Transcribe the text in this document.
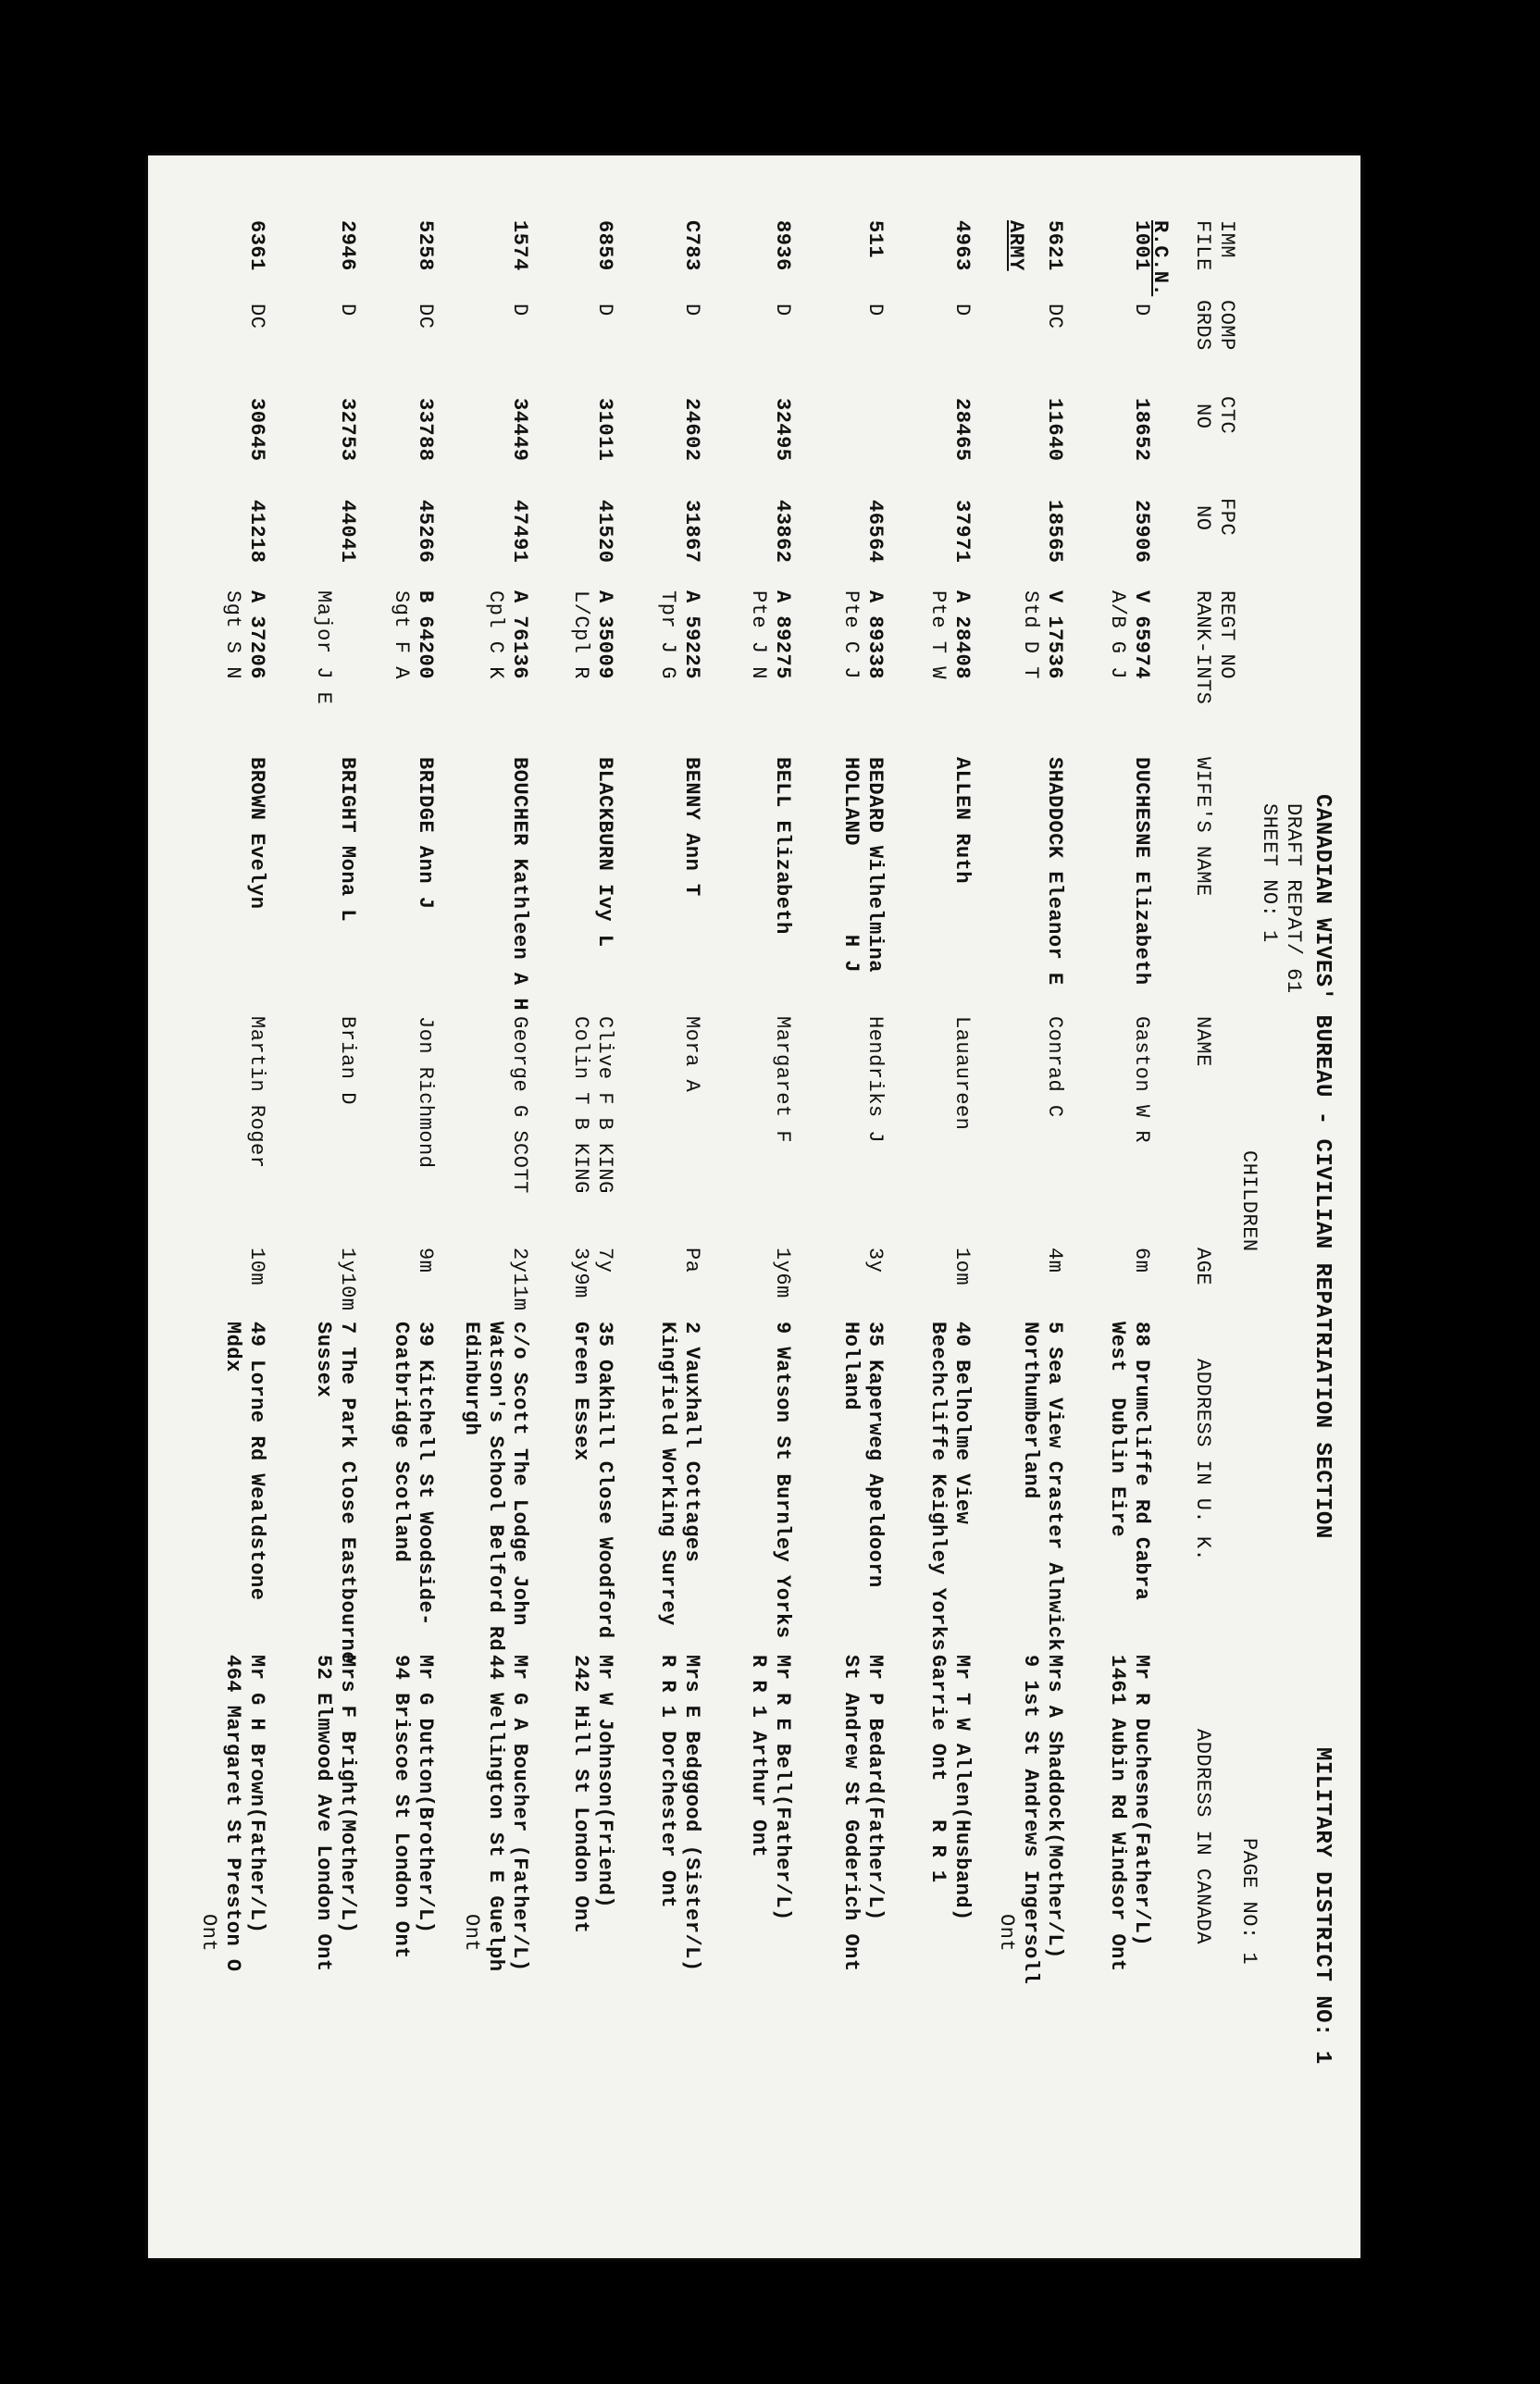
CANADIAN WIVES' BUREAU - CIVILIAN REPATRIATION SECTION
MILITARY DISTRICT NO: 1
DRAFT REPAT/ 61
SHEET NO: 1
PAGE NO: 1
CHILDREN
IMM
FILE
COMP
GRDS
CTC
NO
FPC
NO
REGT NO
RANK-INTS
WIFE'S NAME
NAME
AGE
ADDRESS IN U. K.
ADDRESS IN CANADA
R.C.N.
ARMY	1001
D
18652
25906
V 65974
A/B G J
DUCHESNE Elizabeth
Gaston W R
6m
88 Drumcliffe Rd Cabra
West  Dublin Eire
Mr R Duchesne(Father/L)
1461 Aubin Rd Windsor Ont
5621
DC
11640
18565
V 17536
Std D T
SHADDOCK Eleanor E
Conrad C
4m
5 Sea View Craster Alnwick
Northumberland
Mrs A Shaddock(Mother/L)
9 1st St Andrews Ingersoll
Ont
4963
D
28465
37971
A 28408
Pte T W
ALLEN Ruth
Lauaureen
1om
40 Belholme View
Beechcliffe Keighley Yorks
Mr T W Allen(Husband)
Garrie Ont   R R 1
511
D
46564
A 89338
Pte C J
BEDARD Wilhelmina
HOLLAND       H J
Hendriks J
3y
35 Kaperweg Apeldoorn
Holland
Mr P Bedard(Father/L)
St Andrew St Goderich Ont
8936
D
32495
43862
A 89275
Pte J N
BELL Elizabeth
Margaret F
1y6m
9 Watson St Burnley Yorks
Mr R E Bell(Father/L)
R R 1 Arthur Ont
C783
D
24602
31867
A 59225
Tpr J G
BENNY Ann T
Mora A
Pa
2 Vauxhall Cottages
Kingfield Working Surrey
Mrs E Bedggood (Sister/L)
R R 1 Dorchester Ont
6859
D
31011
41520
A 35009
L/Cpl R
BLACKBURN Ivy L
Clive F B KING
Colin T B KING
7y
3y9m
35 Oakhill Close Woodford
Green Essex
Mr W Johnson(Friend)
242 Hill St London Ont
1574
D
34449
47491
A 76136
Cpl C K
BOUCHER Kathleen A H
George G SCOTT
2y11m
c/o Scott The Lodge John
Watson's School Belford Rd
Edinburgh
Mr G A Boucher (Father/L)
44 Wellington St E Guelph
Ont
5258
DC
33788
45266
B 64200
Sgt F A
BRIDGE Ann J
Jon Richmond
9m
39 Kitchell St Woodside-
Coatbridge Scotland
Mr G Dutton(Brother/L)
94 Briscoe St London Ont
2946
D
32753
44041
Major J E
BRIGHT Mona L
Brian D
1y10m
7 The Park Close Eastbourne
Sussex
Mrs F Bright(Mother/L)
52 Elmwood Ave London Ont
6361
DC
30645
41218
A 37206
Sgt S N
BROWN Evelyn
Martin Roger
10m
49 Lorne Rd Wealdstone
Mddx
Mr G H Brown(Father/L)
464 Margaret St Preston O
Ont
